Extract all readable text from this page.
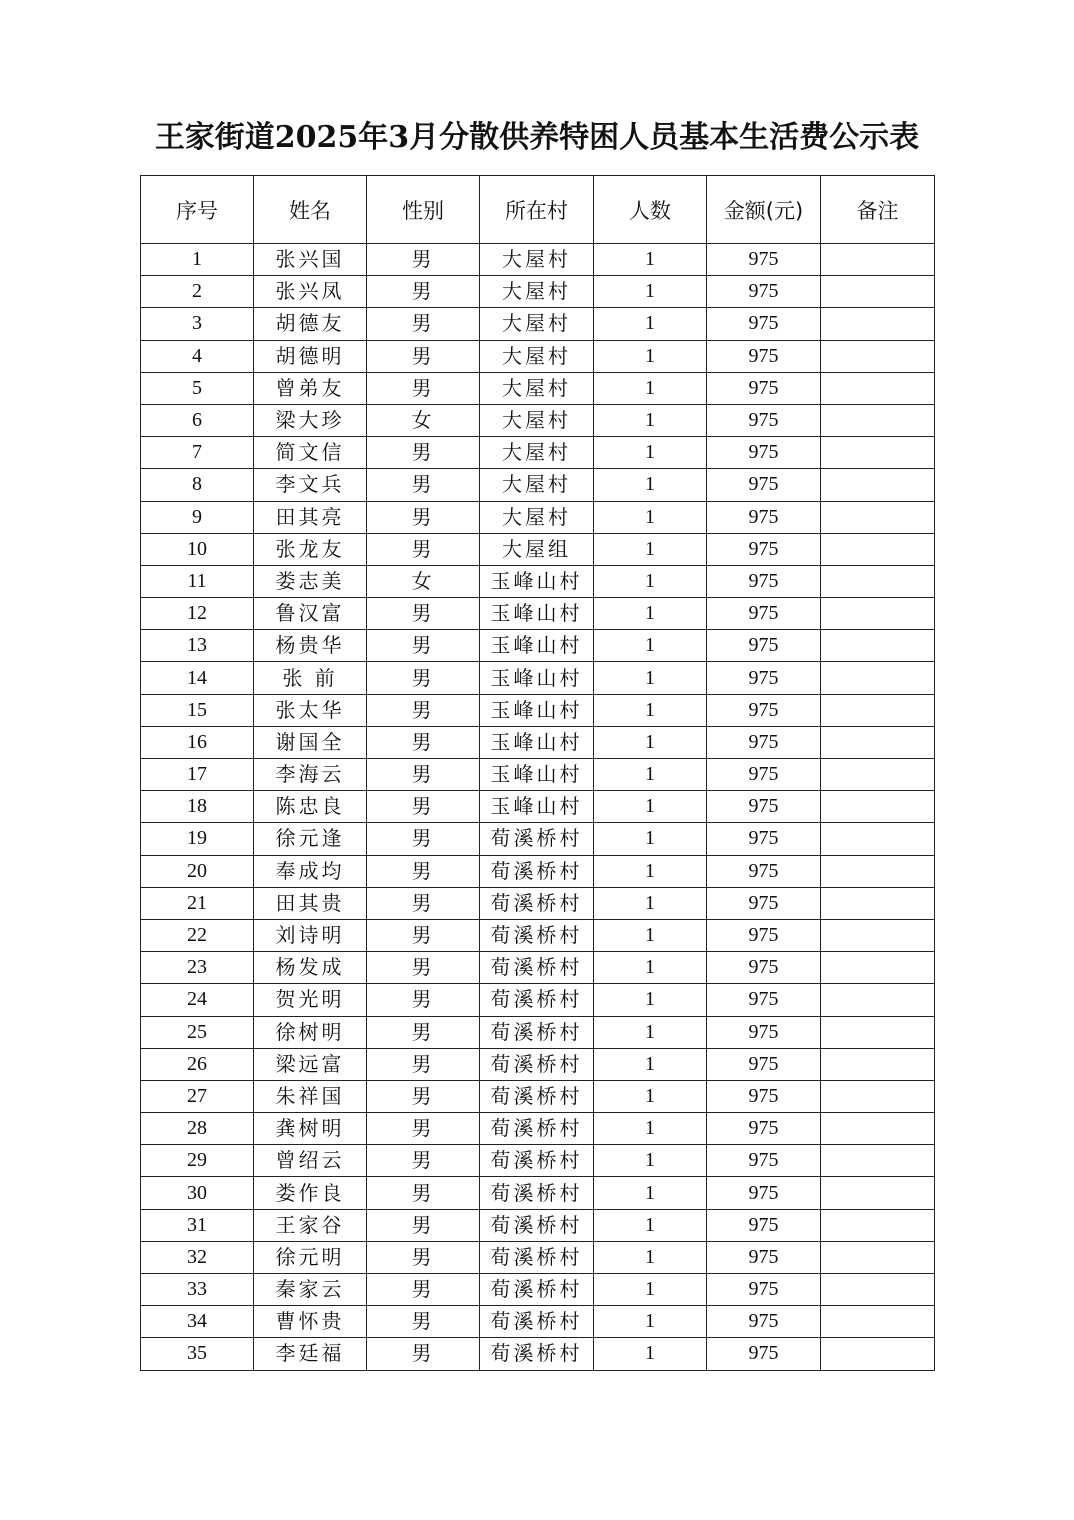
王家街道2025年3月分散供养特困人员基本生活费公示表
序号	姓名	性别	所在村	人数	金额(元)	备注
1	张兴国	男	大屋村	1	975	
2	张兴凤	男	大屋村	1	975	
3	胡德友	男	大屋村	1	975	
4	胡德明	男	大屋村	1	975	
5	曾弟友	男	大屋村	1	975	
6	梁大珍	女	大屋村	1	975	
7	简文信	男	大屋村	1	975	
8	李文兵	男	大屋村	1	975	
9	田其亮	男	大屋村	1	975	
10	张龙友	男	大屋组	1	975	
11	娄志美	女	玉峰山村	1	975	
12	鲁汉富	男	玉峰山村	1	975	
13	杨贵华	男	玉峰山村	1	975	
14	张 前	男	玉峰山村	1	975	
15	张太华	男	玉峰山村	1	975	
16	谢国全	男	玉峰山村	1	975	
17	李海云	男	玉峰山村	1	975	
18	陈忠良	男	玉峰山村	1	975	
19	徐元逢	男	荀溪桥村	1	975	
20	奉成均	男	荀溪桥村	1	975	
21	田其贵	男	荀溪桥村	1	975	
22	刘诗明	男	荀溪桥村	1	975	
23	杨发成	男	荀溪桥村	1	975	
24	贺光明	男	荀溪桥村	1	975	
25	徐树明	男	荀溪桥村	1	975	
26	梁远富	男	荀溪桥村	1	975	
27	朱祥国	男	荀溪桥村	1	975	
28	龚树明	男	荀溪桥村	1	975	
29	曾绍云	男	荀溪桥村	1	975	
30	娄作良	男	荀溪桥村	1	975	
31	王家谷	男	荀溪桥村	1	975	
32	徐元明	男	荀溪桥村	1	975	
33	秦家云	男	荀溪桥村	1	975	
34	曹怀贵	男	荀溪桥村	1	975	
35	李廷福	男	荀溪桥村	1	975	
